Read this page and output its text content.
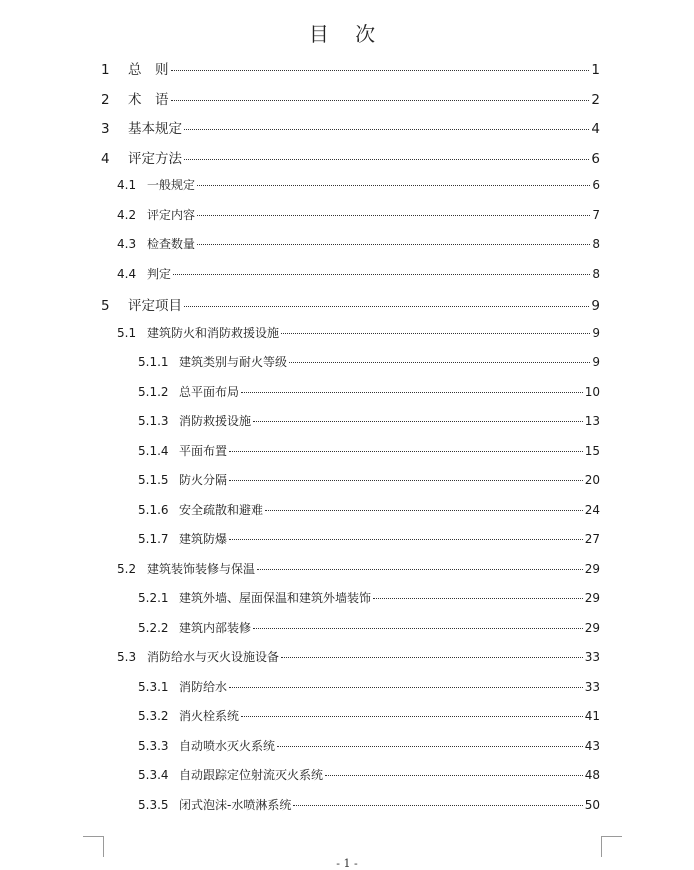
目 次
1	总　则	1
2	术　语	2
3	基本规定	4
4	评定方法	6
4.1 一般规定	6
4.2 评定内容	7
4.3 检查数量	8
4.4 判定	8
5	评定项目	9
5.1 建筑防火和消防救援设施	9
5.1.1 建筑类别与耐火等级	9
5.1.2 总平面布局	10
5.1.3 消防救援设施	13
5.1.4 平面布置	15
5.1.5 防火分隔	20
5.1.6 安全疏散和避难	24
5.1.7 建筑防爆	27
5.2 建筑装饰装修与保温	29
5.2.1 建筑外墙、屋面保温和建筑外墙装饰	29
5.2.2 建筑内部装修	29
5.3 消防给水与灭火设施设备	33
5.3.1 消防给水	33
5.3.2 消火栓系统	41
5.3.3 自动喷水灭火系统	43
5.3.4 自动跟踪定位射流灭火系统	48
5.3.5 闭式泡沫-水喷淋系统	50
- 1 -
